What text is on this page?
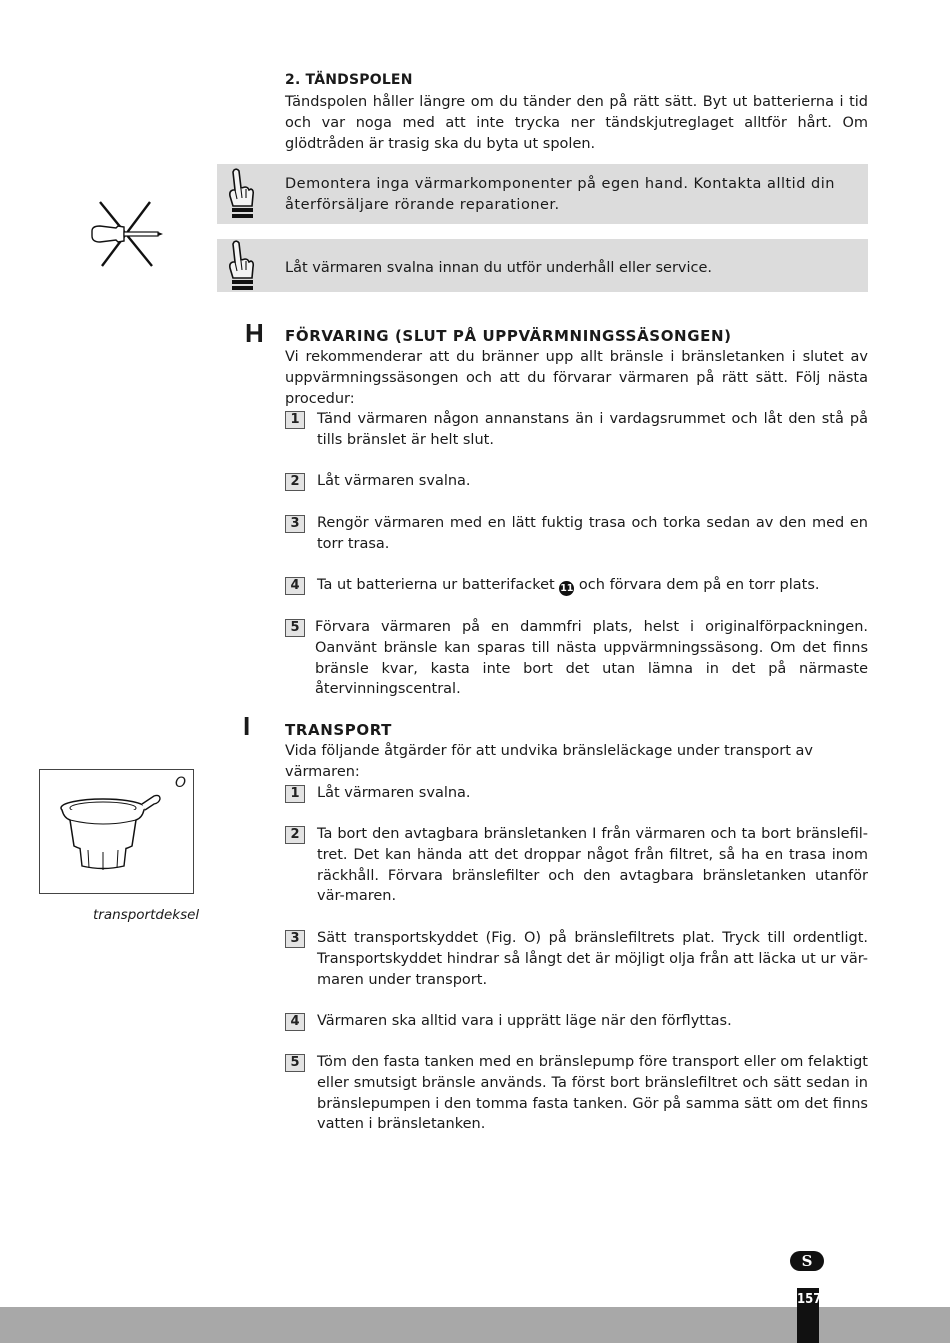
2. TÄNDSPOLEN
Tändspolen håller längre om du tänder den på rätt sätt. Byt ut batterierna i tid och var noga med att inte trycka ner tändskjutreglaget alltför hårt. Om glödtråden är trasig ska du byta ut spolen.
Demontera inga värmarkomponenter på egen hand. Kontakta alltid din återförsäljare rörande reparationer.
Låt värmaren svalna innan du utför underhåll eller service.
H FÖRVARING (SLUT PÅ UPPVÄRMNINGSSÄSONGEN)
Vi rekommenderar att du bränner upp allt bränsle i bränsletanken i slutet av uppvärmningssäsongen och att du förvarar värmaren på rätt sätt. Följ nästa procedur:
1	Tänd värmaren någon annanstans än i vardagsrummet och låt den stå på tills bränslet är helt slut.
2	Låt värmaren svalna.
3	Rengör värmaren med en lätt fuktig trasa och torka sedan av den med en torr trasa.
4	Ta ut batterierna ur batterifacket 11 och förvara dem på en torr plats.
5	Förvara värmaren på en dammfri plats, helst i originalförpackningen. Oanvänt bränsle kan sparas till nästa uppvärmningssäsong. Om det finns bränsle kvar, kasta inte bort det utan lämna in det på närmaste återvinningscentral.
I TRANSPORT
Vida följande åtgärder för att undvika bränsleläckage under transport av värmaren:
1	Låt värmaren svalna.
2	Ta bort den avtagbara bränsletanken I från värmaren och ta bort bränslefil-tret. Det kan hända att det droppar något från filtret, så ha en trasa inom räckhåll. Förvara bränslefilter och den avtagbara bränsletanken utanför vär-maren.
3	Sätt transportskyddet (Fig. O) på bränslefiltrets plat. Tryck till ordentligt. Transportskyddet hindrar så långt det är möjligt olja från att läcka ut ur vär-maren under transport.
4	Värmaren ska alltid vara i upprätt läge när den förflyttas.
5	Töm den fasta tanken med en bränslepump före transport eller om felaktigt eller smutsigt bränsle används. Ta först bort bränslefiltret och sätt sedan in bränslepumpen i den tomma fasta tanken. Gör på samma sätt om det finns vatten i bränsletanken.
O
transportdeksel
S
157
